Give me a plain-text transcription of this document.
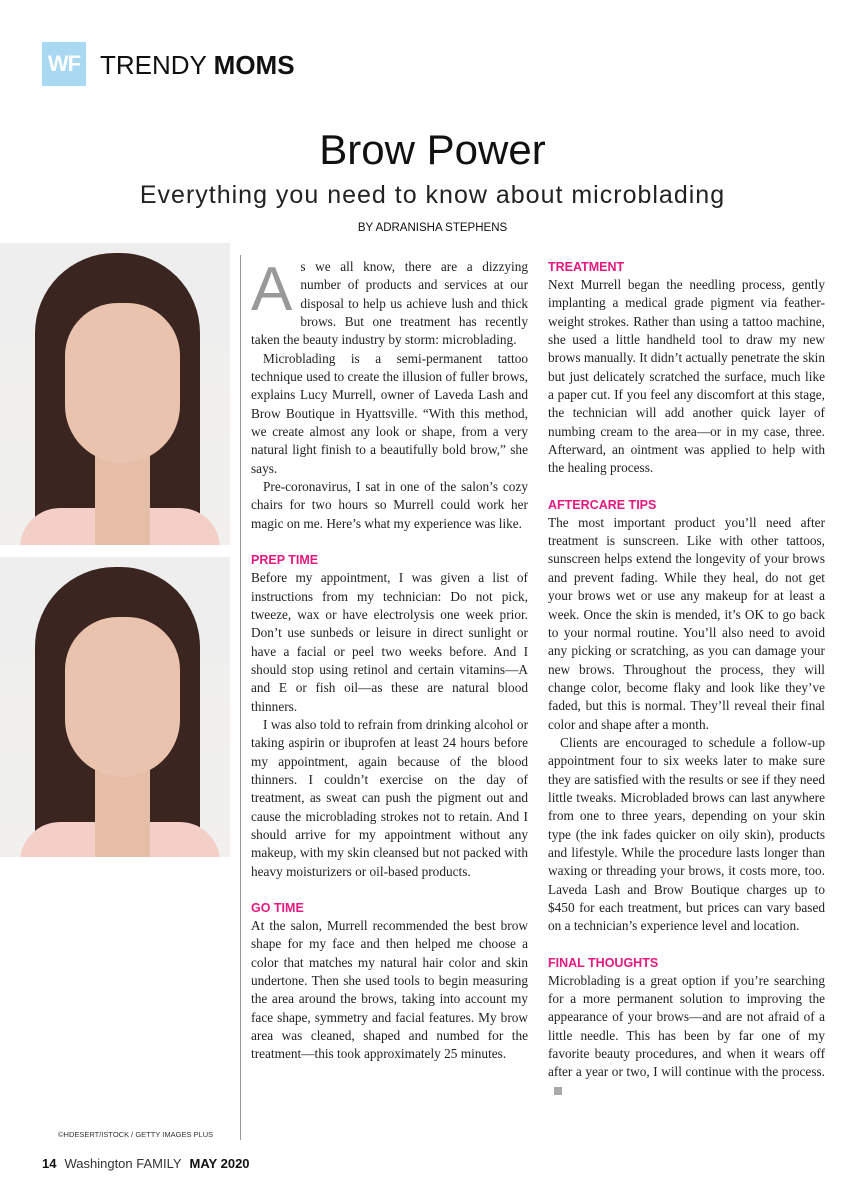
WF TRENDY MOMS
Brow Power
Everything you need to know about microblading
BY ADRANISHA STEPHENS

As we all know, there are a dizzying number of products and services at our disposal to help us achieve lush and thick brows. But one treatment has recently taken the beauty industry by storm: microblading.

Microblading is a semi-permanent tattoo technique used to create the illusion of fuller brows, explains Lucy Murrell, owner of Laveda Lash and Brow Boutique in Hyattsville. “With this method, we create almost any look or shape, from a very natural light finish to a beautifully bold brow,” she says.

Pre-coronavirus, I sat in one of the salon’s cozy chairs for two hours so Murrell could work her magic on me. Here’s what my experience was like.

PREP TIME

Before my appointment, I was given a list of instructions from my technician: Do not pick, tweeze, wax or have electrolysis one week prior. Don’t use sunbeds or leisure in direct sunlight or have a facial or peel two weeks before. And I should stop using retinol and certain vitamins—A and E or fish oil—as these are natural blood thinners.

I was also told to refrain from drinking alcohol or taking aspirin or ibuprofen at least 24 hours before my appointment, again because of the blood thinners. I couldn’t exercise on the day of treatment, as sweat can push the pigment out and cause the microblading strokes not to retain. And I should arrive for my appointment without any makeup, with my skin cleansed but not packed with heavy moisturizers or oil-based products.

GO TIME

At the salon, Murrell recommended the best brow shape for my face and then helped me choose a color that matches my natural hair color and skin undertone. Then she used tools to begin measuring the area around the brows, taking into account my face shape, symmetry and facial features. My brow area was cleaned, shaped and numbed for the treatment—this took approximately 25 minutes.

TREATMENT

Next Murrell began the needling process, gently implanting a medical grade pigment via feather-weight strokes. Rather than using a tattoo machine, she used a little handheld tool to draw my new brows manually. It didn’t actually penetrate the skin but just delicately scratched the surface, much like a paper cut. If you feel any discomfort at this stage, the technician will add another quick layer of numbing cream to the area—or in my case, three. Afterward, an ointment was applied to help with the healing process.

AFTERCARE TIPS

The most important product you’ll need after treatment is sunscreen. Like with other tattoos, sunscreen helps extend the longevity of your brows and prevent fading. While they heal, do not get your brows wet or use any makeup for at least a week. Once the skin is mended, it’s OK to go back to your normal routine. You’ll also need to avoid any picking or scratching, as you can damage your new brows. Throughout the process, they will change color, become flaky and look like they’ve faded, but this is normal. They’ll reveal their final color and shape after a month.

Clients are encouraged to schedule a follow-up appointment four to six weeks later to make sure they are satisfied with the results or see if they need little tweaks. Microbladed brows can last anywhere from one to three years, depending on your skin type (the ink fades quicker on oily skin), products and lifestyle. While the procedure lasts longer than waxing or threading your brows, it costs more, too. Laveda Lash and Brow Boutique charges up to $450 for each treatment, but prices can vary based on a technician’s experience level and location.

FINAL THOUGHTS

Microblading is a great option if you’re searching for a more permanent solution to improving the appearance of your brows—and are not afraid of a little needle. This has been by far one of my favorite beauty procedures, and when it wears off after a year or two, I will continue with the process.

©HDESERT/ISTOCK / GETTY IMAGES PLUS
14 Washington FAMILY MAY 2020
